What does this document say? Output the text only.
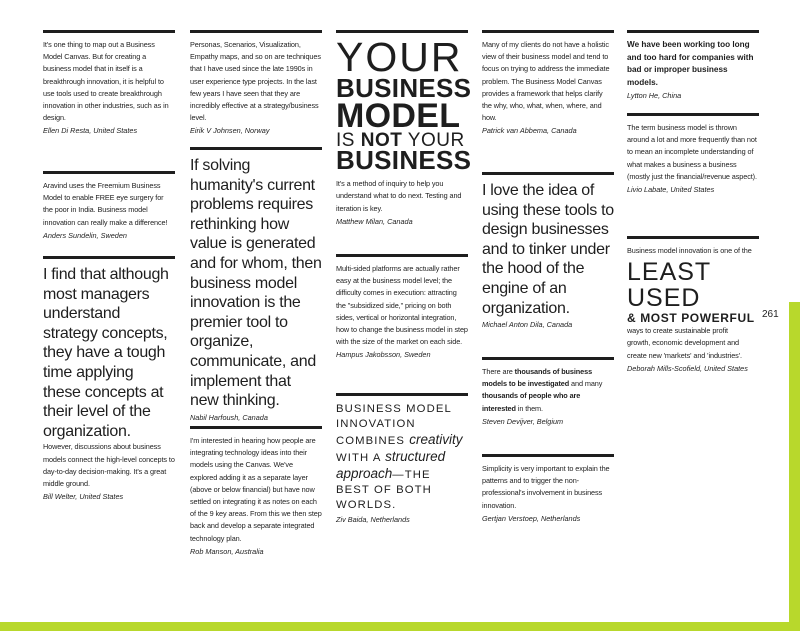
It's one thing to map out a Business Model Canvas. But for creating a business model that in itself is a breakthrough innovation, it is helpful to use tools used to create breakthrough innovation in other industries, such as in design.
Ellen Di Resta, United States
Aravind uses the Freemium Business Model to enable FREE eye surgery for the poor in India. Business model innovation can really make a difference!
Anders Sundelin, Sweden
I find that although most managers understand strategy concepts, they have a tough time applying these concepts at their level of the organization.
However, discussions about business models connect the high-level concepts to day-to-day decision-making. It's a great middle ground.
Bill Welter, United States
Personas, Scenarios, Visualization, Empathy maps, and so on are techniques that I have used since the late 1990s in user experience type projects. In the last few years I have seen that they are incredibly effective at a strategy/business level.
Eirik V Johnsen, Norway
If solving humanity's current problems requires rethinking how value is generated and for whom, then business model innovation is the premier tool to organize, communicate, and implement that new thinking.
Nabil Harfoush, Canada
I'm interested in hearing how people are integrating technology ideas into their models using the Canvas. We've explored adding it as a separate layer (above or below financial) but have now settled on integrating it as notes on each of the 9 key areas. From this we then step back and develop a separate integrated technology plan.
Rob Manson, Australia
YOUR
BUSINESS
MODEL
IS NOT YOUR
BUSINESS
It's a method of inquiry to help you understand what to do next. Testing and iteration is key.
Matthew Milan, Canada
Multi-sided platforms are actually rather easy at the business model level; the difficulty comes in execution: attracting the "subsidized side," pricing on both sides, vertical or horizontal integration, how to change the business model in step with the size of the market on each side.
Hampus Jakobsson, Sweden
BUSINESS MODEL INNOVATION COMBINES creativity WITH A structured approach—THE BEST OF BOTH WORLDS.
Ziv Baida, Netherlands
Many of my clients do not have a holistic view of their business model and tend to focus on trying to address the immediate problem. The Business Model Canvas provides a framework that helps clarify the why, who, what, when, where, and how.
Patrick van Abbema, Canada
I love the idea of using these tools to design businesses and to tinker under the hood of the engine of an organization.
Michael Anton Dila, Canada
There are thousands of business models to be investigated and many thousands of people who are interested in them.
Steven Devijver, Belgium
Simplicity is very important to explain the patterns and to trigger the non-professional's involvement in business innovation.
Gertjan Verstoep, Netherlands
We have been working too long and too hard for companies with bad or improper business models.
Lytton He, China
The term business model is thrown around a lot and more frequently than not to mean an incomplete understanding of what makes a business a business (mostly just the financial/revenue aspect).
Livio Labate, United States
Business model innovation is one of the
LEAST USED
& MOST POWERFUL
ways to create sustainable profit growth, economic development and create new 'markets' and 'industries'.
Deborah Mills-Scofield, United States
261
